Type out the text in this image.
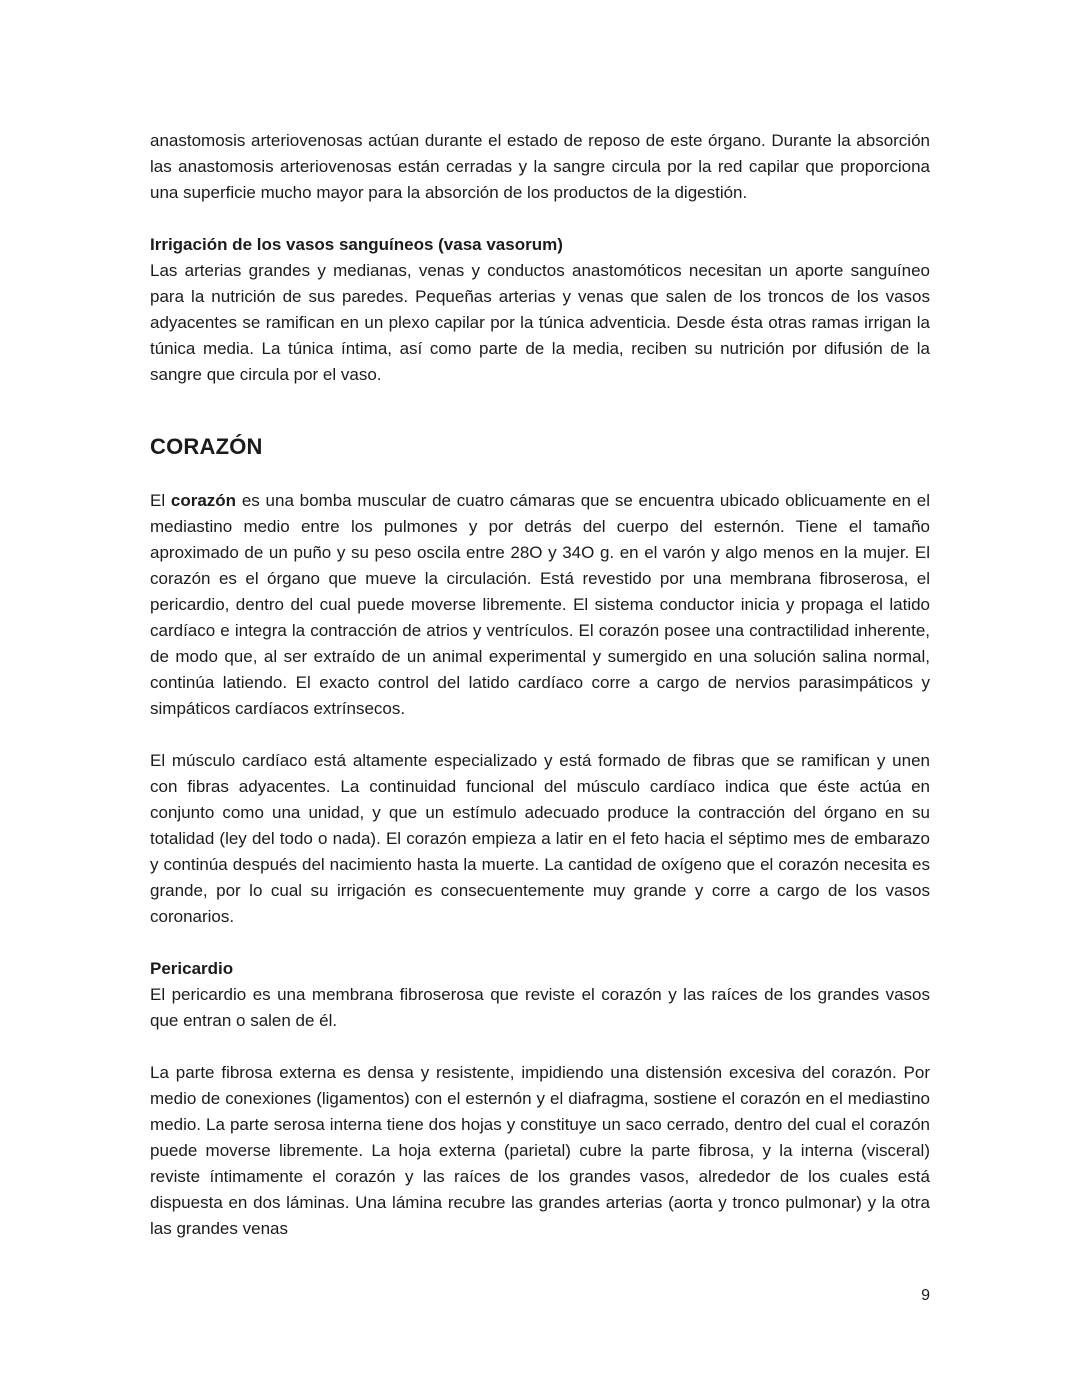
anastomosis arteriovenosas actúan durante el estado de reposo de este órgano. Durante la absorción las anastomosis arteriovenosas están cerradas y la sangre circula por la red capilar que proporciona una superficie mucho mayor para la absorción de los productos de la digestión.

Irrigación de los vasos sanguíneos (vasa vasorum)

Las arterias grandes y medianas, venas y conductos anastomóticos necesitan un aporte sanguíneo para la nutrición de sus paredes. Pequeñas arterias y venas que salen de los troncos de los vasos adyacentes se ramifican en un plexo capilar por la túnica adventicia. Desde ésta otras ramas irrigan la túnica media. La túnica íntima, así como parte de la media, reciben su nutrición por difusión de la sangre que circula por el vaso.

CORAZÓN

El corazón es una bomba muscular de cuatro cámaras que se encuentra ubicado oblicuamente en el mediastino medio entre los pulmones y por detrás del cuerpo del esternón. Tiene el tamaño aproximado de un puño y su peso oscila entre 28O y 34O g. en el varón y algo menos en la mujer. El corazón es el órgano que mueve la circulación. Está revestido por una membrana fibroserosa, el pericardio, dentro del cual puede moverse libremente. El sistema conductor inicia y propaga el latido cardíaco e integra la contracción de atrios y ventrículos. El corazón posee una contractilidad inherente, de modo que, al ser extraído de un animal experimental y sumergido en una solución salina normal, continúa latiendo. El exacto control del latido cardíaco corre a cargo de nervios parasimpáticos y simpáticos cardíacos extrínsecos.

El músculo cardíaco está altamente especializado y está formado de fibras que se ramifican y unen con fibras adyacentes. La continuidad funcional del músculo cardíaco indica que éste actúa en conjunto como una unidad, y que un estímulo adecuado produce la contracción del órgano en su totalidad (ley del todo o nada). El corazón empieza a latir en el feto hacia el séptimo mes de embarazo y continúa después del nacimiento hasta la muerte. La cantidad de oxígeno que el corazón necesita es grande, por lo cual su irrigación es consecuentemente muy grande y corre a cargo de los vasos coronarios.

Pericardio

El pericardio es una membrana fibroserosa que reviste el corazón y las raíces de los grandes vasos que entran o salen de él.

La parte fibrosa externa es densa y resistente, impidiendo una distensión excesiva del corazón. Por medio de conexiones (ligamentos) con el esternón y el diafragma, sostiene el corazón en el mediastino medio. La parte serosa interna tiene dos hojas y constituye un saco cerrado, dentro del cual el corazón puede moverse libremente. La hoja externa (parietal) cubre la parte fibrosa, y la interna (visceral) reviste íntimamente el corazón y las raíces de los grandes vasos, alrededor de los cuales está dispuesta en dos láminas. Una lámina recubre las grandes arterias (aorta y tronco pulmonar) y la otra las grandes venas

9
